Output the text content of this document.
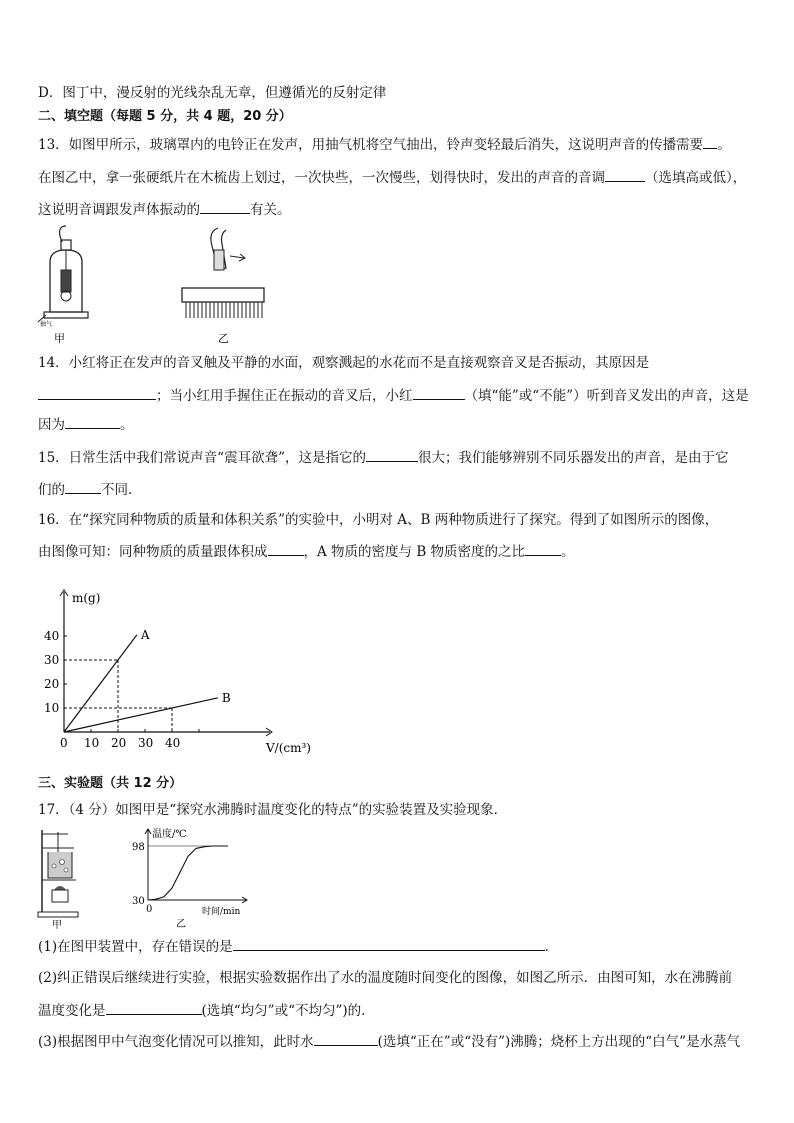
D．图丁中，漫反射的光线杂乱无章，但遵循光的反射定律
二、填空题（每题 5 分，共 4 题，20 分）
13．如图甲所示，玻璃罩内的电铃正在发声，用抽气机将空气抽出，铃声变轻最后消失，这说明声音的传播需要 。
在图乙中，拿一张硬纸片在木梳齿上划过，一次快些，一次慢些，划得快时，发出的声音的音调	（选填高或低），
这说明音调跟发声体振动的	有关。
抽气
甲	乙
14．小红将正在发声的音叉触及平静的水面，观察溅起的水花而不是直接观察音叉是否振动，其原因是
；当小红用手握住正在振动的音叉后，小红	（填“能”或“不能”）听到音叉发出的声音，这是
因为	。
15．日常生活中我们常说声音“震耳欲聋”，这是指它的	很大；我们能够辨别不同乐器发出的声音，是由于它
们的	不同．
16．在“探究同种物质的质量和体积关系”的实验中，小明对 A、B 两种物质进行了探究。得到了如图所示的图像，
由图像可知：同种物质的质量跟体积成	，A 物质的密度与 B 物质密度的之比	。
m(g)
V/(cm³)
10
20
30
40
0 10 20 30 40
A
B
三、实验题（共 12 分）
17．（4 分）如图甲是“探究水沸腾时温度变化的特点”的实验装置及实验现象．
甲
温度/℃
时间/min
30
98
0
乙
(1)在图甲装置中，存在错误的是	．
(2)纠正错误后继续进行实验，根据实验数据作出了水的温度随时间变化的图像，如图乙所示．由图可知，水在沸腾前
温度变化是	(选填“均匀”或“不均匀”)的．
(3)根据图甲中气泡变化情况可以推知，此时水	(选填“正在”或“没有”)沸腾；烧杯上方出现的“白气”是水蒸气
